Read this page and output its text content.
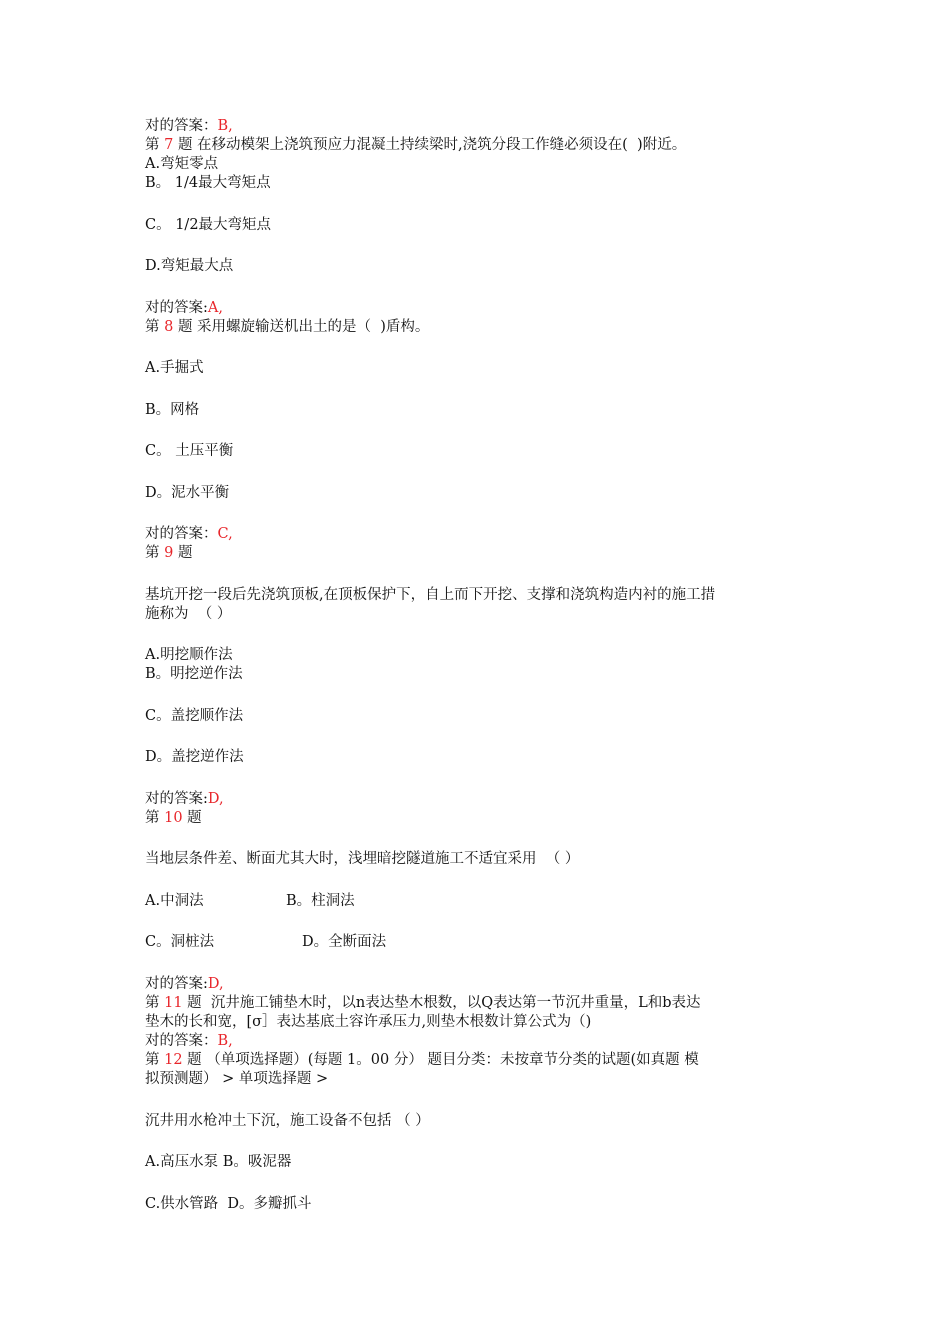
对的答案：B,
第 7 题 在移动模架上浇筑预应力混凝土持续梁时,浇筑分段工作缝必须设在(  )附近。
A.弯矩零点
B。 1/4最大弯矩点
C。 1/2最大弯矩点
D.弯矩最大点
对的答案:A,
第 8 题 采用螺旋输送机出土的是（  )盾构。
A.手掘式
B。网格
C。 土压平衡
D。泥水平衡
对的答案：C,
第 9 题
基坑开挖一段后先浇筑顶板,在顶板保护下，自上而下开挖、支撑和浇筑构造内衬的施工措
施称为  （ ）
A.明挖顺作法
B。明挖逆作法
C。盖挖顺作法
D。盖挖逆作法
对的答案:D,
第 10 题
当地层条件差、断面尤其大时，浅埋暗挖隧道施工不适宜采用  （ ）
A.中洞法	B。柱洞法
C。洞桩法	D。全断面法
对的答案:D,
第 11 题  沉井施工铺垫木时，以n表达垫木根数，以Q表达第一节沉井重量，L和b表达
垫木的长和宽，[σ］表达基底土容许承压力,则垫木根数计算公式为（)
对的答案：B,
第 12 题 （单项选择题）(每题 1。00 分） 题目分类：未按章节分类的试题(如真题 模
拟预测题） > 单项选择题 >
沉井用水枪冲土下沉，施工设备不包括 （ ）
A.高压水泵 B。吸泥器
C.供水管路  D。多瓣抓斗
